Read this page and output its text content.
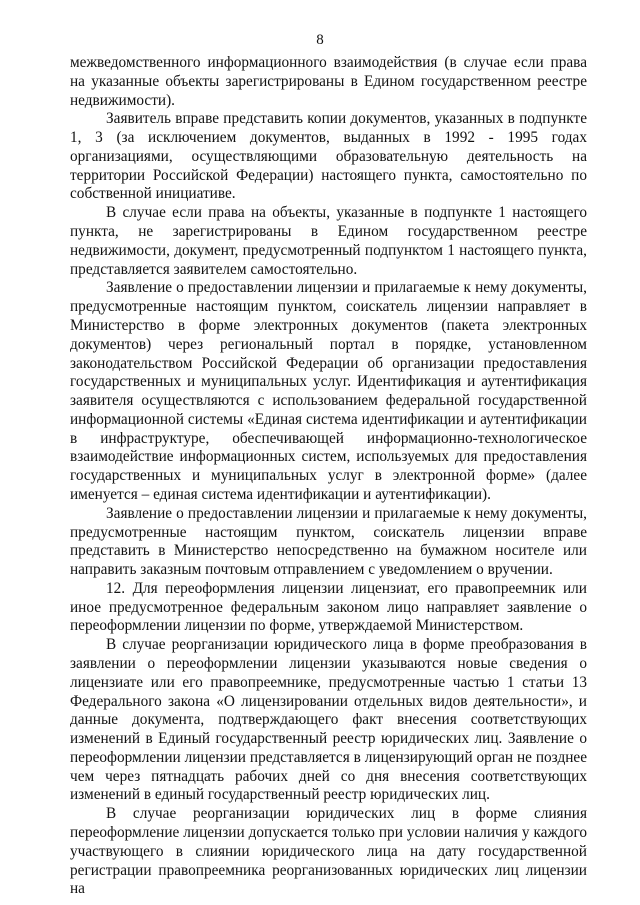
8

межведомственного информационного взаимодействия (в случае если права на указанные объекты зарегистрированы в Едином государственном реестре недвижимости).

Заявитель вправе представить копии документов, указанных в подпункте 1, 3 (за исключением документов, выданных в 1992 - 1995 годах организациями, осуществляющими образовательную деятельность на территории Российской Федерации) настоящего пункта, самостоятельно по собственной инициативе.

В случае если права на объекты, указанные в подпункте 1 настоящего пункта, не зарегистрированы в Едином государственном реестре недвижимости, документ, предусмотренный подпунктом 1 настоящего пункта, представляется заявителем самостоятельно.

Заявление о предоставлении лицензии и прилагаемые к нему документы, предусмотренные настоящим пунктом, соискатель лицензии направляет в Министерство в форме электронных документов (пакета электронных документов) через региональный портал в порядке, установленном законодательством Российской Федерации об организации предоставления государственных и муниципальных услуг. Идентификация и аутентификация заявителя осуществляются с использованием федеральной государственной информационной системы «Единая система идентификации и аутентификации в инфраструктуре, обеспечивающей информационно-технологическое взаимодействие информационных систем, используемых для предоставления государственных и муниципальных услуг в электронной форме» (далее именуется – единая система идентификации и аутентификации).

Заявление о предоставлении лицензии и прилагаемые к нему документы, предусмотренные настоящим пунктом, соискатель лицензии вправе представить в Министерство непосредственно на бумажном носителе или направить заказным почтовым отправлением с уведомлением о вручении.

12. Для переоформления лицензии лицензиат, его правопреемник или иное предусмотренное федеральным законом лицо направляет заявление о переоформлении лицензии по форме, утверждаемой Министерством.

В случае реорганизации юридического лица в форме преобразования в заявлении о переоформлении лицензии указываются новые сведения о лицензиате или его правопреемнике, предусмотренные частью 1 статьи 13 Федерального закона «О лицензировании отдельных видов деятельности», и данные документа, подтверждающего факт внесения соответствующих изменений в Единый государственный реестр юридических лиц. Заявление о переоформлении лицензии представляется в лицензирующий орган не позднее чем через пятнадцать рабочих дней со дня внесения соответствующих изменений в единый государственный реестр юридических лиц.

В случае реорганизации юридических лиц в форме слияния переоформление лицензии допускается только при условии наличия у каждого участвующего в слиянии юридического лица на дату государственной регистрации правопреемника реорганизованных юридических лиц лицензии на
